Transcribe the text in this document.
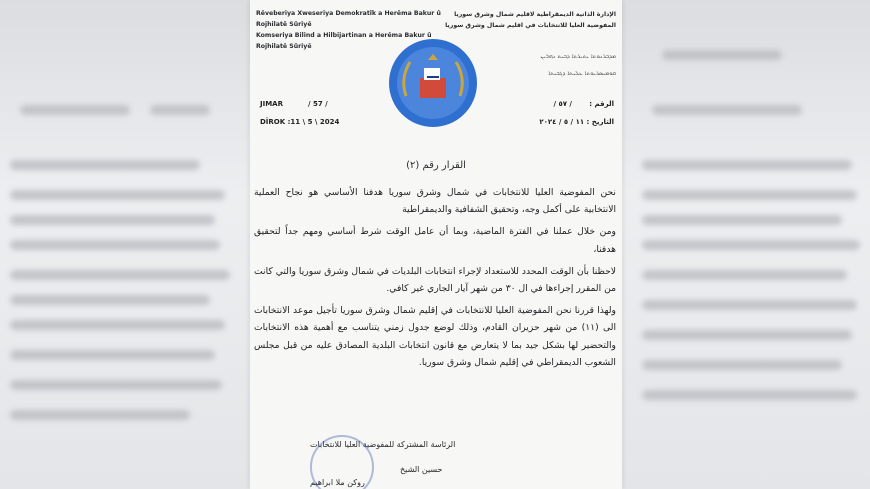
Rêveberiya Xweseriya Demokratîk a Herêma Bakur û Rojhilatê Sûriyê
Komseriya Bilind a Hilbijartinan a Herêma Bakur û Rojhilatê Sûriyê
الإدارة الذاتية الديمقراطية لاقليم شمال وشرق سوريا
المفوضية العليا للانتخابات في اقليم شمال وشرق سوريا
ܡܕܒܪܢܘܬܐ ܝܬܝܪܬܐ ܕܒܝܬ ܢܗܪܝܢ
ܩܘܡܝܣܪܝܘܬܐ ܥܠܝܬܐ ܕܓܒܝܬܐ
JIMAR	/ 57 /
DÎROK :11 \ 5 \ 2024
الرقم :
/ ٥٧ /
التاريخ : ١١ / ٥ / ٢٠٢٤
القرار رقم (٢)

نحن المفوضية العليا للانتخابات في شمال وشرق سوريا هدفنا الأساسي هو نجاح العملية الانتخابية على أكمل وجه، وتحقيق الشفافية والديمقراطية

ومن خلال عملنا في الفترة الماضية، وبما أن عامل الوقت شرط أساسي ومهم جداً لتحقيق هدفنا،

لاحظنا بأن الوقت المحدد للاستعداد لإجراء انتخابات البلديات في شمال وشرق سوريا والتي كانت من المقرر إجراءها في ال ٣٠ من شهر آيار الجاري غير كافي.

ولهذا قررنا نحن المفوضية العليا للانتخابات في إقليم شمال وشرق سوريا تأجيل موعد الانتخابات الى (١١) من شهر حزيران القادم، وذلك لوضع جدول زمني يتناسب مع أهمية هذه الانتخابات والتحضير لها بشكل جيد بما لا يتعارض مع قانون انتخابات البلدية المصادق عليه من قبل مجلس الشعوب الديمقراطي في إقليم شمال وشرق سوريا.

الرئاسة المشتركة للمفوضية العليا للانتخابات
حسين الشيخ
روكن ملا ابراهيم
